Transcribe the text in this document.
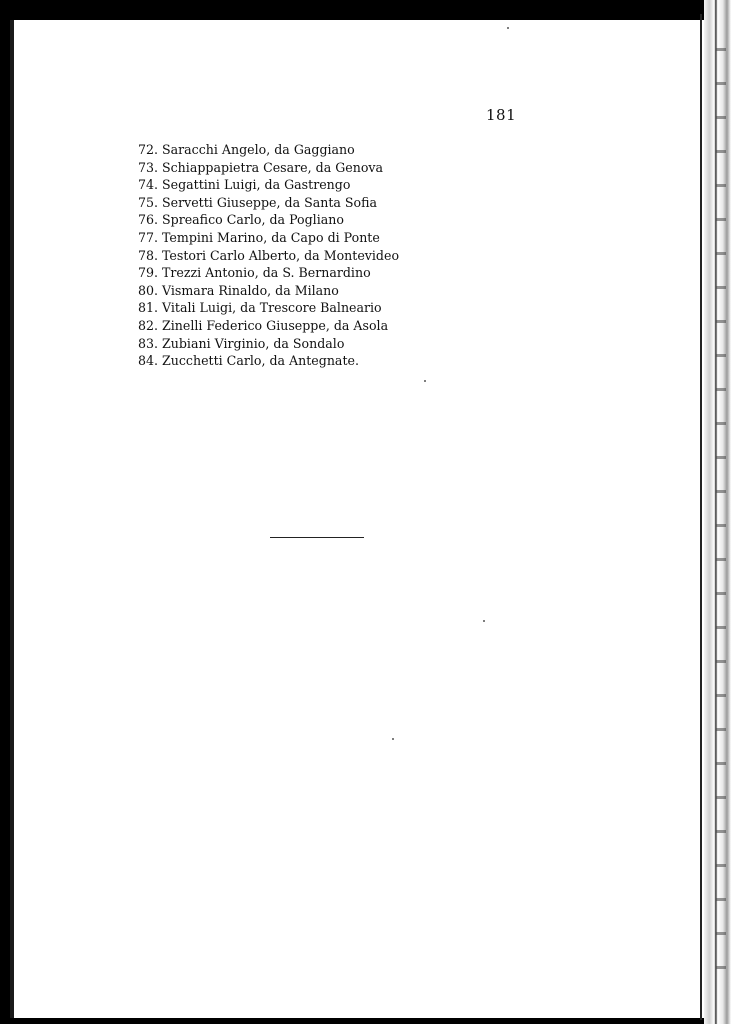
181
72. Saracchi Angelo, da Gaggiano
73. Schiappapietra Cesare, da Genova
74. Segattini Luigi, da Gastrengo
75. Servetti Giuseppe, da Santa Sofia
76. Spreafico Carlo, da Pogliano
77. Tempini Marino, da Capo di Ponte
78. Testori Carlo Alberto, da Montevideo
79. Trezzi Antonio, da S. Bernardino
80. Vismara Rinaldo, da Milano
81. Vitali Luigi, da Trescore Balneario
82. Zinelli Federico Giuseppe, da Asola
83. Zubiani Virginio, da Sondalo
84. Zucchetti Carlo, da Antegnate.
